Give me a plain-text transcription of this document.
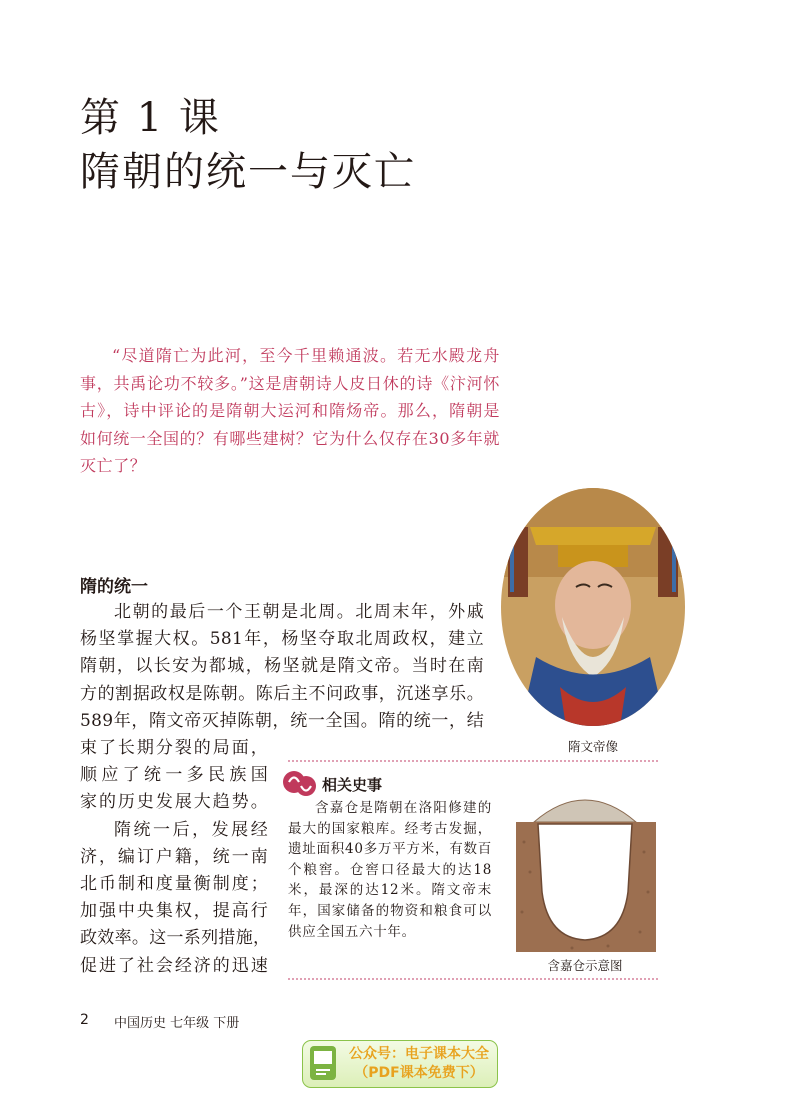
第 1 课
隋朝的统一与灭亡
“尽道隋亡为此河，至今千里赖通波。若无水殿龙舟事，共禹论功不较多。”这是唐朝诗人皮日休的诗《汴河怀古》，诗中评论的是隋朝大运河和隋炀帝。那么，隋朝是如何统一全国的？有哪些建树？它为什么仅存在30多年就灭亡了？
隋文帝像
隋的统一
北朝的最后一个王朝是北周。北周末年，外戚
杨坚掌握大权。581年，杨坚夺取北周政权，建立
隋朝，以长安为都城，杨坚就是隋文帝。当时在南
方的割据政权是陈朝。陈后主不问政事，沉迷享乐。
589年，隋文帝灭掉陈朝，统一全国。隋的统一，结
束了长期分裂的局面，
顺应了统一多民族国
家的历史发展大趋势。
隋统一后，发展经
济，编订户籍，统一南
北币制和度量衡制度；
加强中央集权，提高行
政效率。这一系列措施，
促进了社会经济的迅速
相关史事
含嘉仓是隋朝在洛阳修建的最大的国家粮库。经考古发掘，遗址面积40多万平方米，有数百个粮窖。仓窖口径最大的达18米，最深的达12米。隋文帝末年，国家储备的物资和粮食可以供应全国五六十年。
含嘉仓示意图
2 中国历史 七年级 下册
公众号：电子课本大全
（PDF课本免费下）
